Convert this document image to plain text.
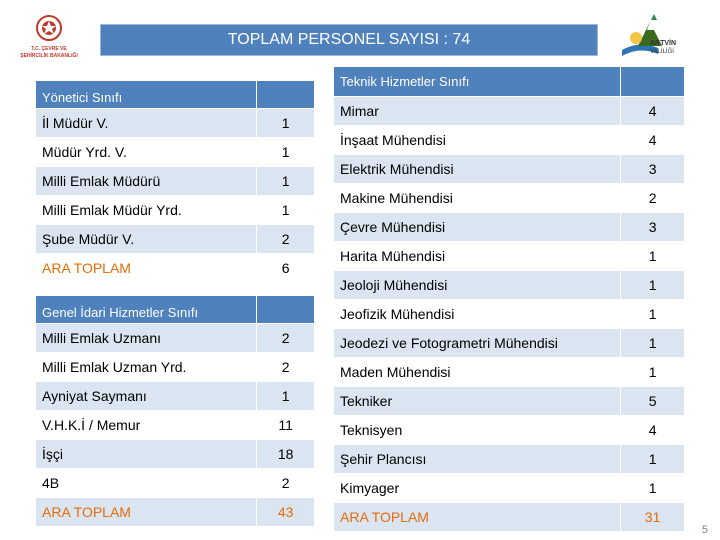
T.C. ÇEVRE VE
ŞEHİRCİLİK BAKANLIĞI
TOPLAM PERSONEL SAYISI : 74	ARTVİN
VALİLİĞİ
Yönetici Sınıfı	
İl Müdür V.	1
Müdür Yrd. V.	1
Milli Emlak Müdürü	1
Milli Emlak Müdür Yrd.	1
Şube Müdür V.	2
ARA TOPLAM	6
Genel İdari Hizmetler Sınıfı	
Milli Emlak Uzmanı	2
Milli Emlak Uzman Yrd.	2
Ayniyat Saymanı	1
V.H.K.İ / Memur	11
İşçi	18
4B	2
ARA TOPLAM	43
Teknik Hizmetler Sınıfı	
Mimar	4
İnşaat Mühendisi	4
Elektrik Mühendisi	3
Makine Mühendisi	2
Çevre Mühendisi	3
Harita Mühendisi	1
Jeoloji Mühendisi	1
Jeofizik Mühendisi	1
Jeodezi ve Fotogrametri Mühendisi	1
Maden Mühendisi	1
Tekniker	5
Teknisyen	4
Şehir Plancısı	1
Kimyager	1
ARA TOPLAM	31
5
